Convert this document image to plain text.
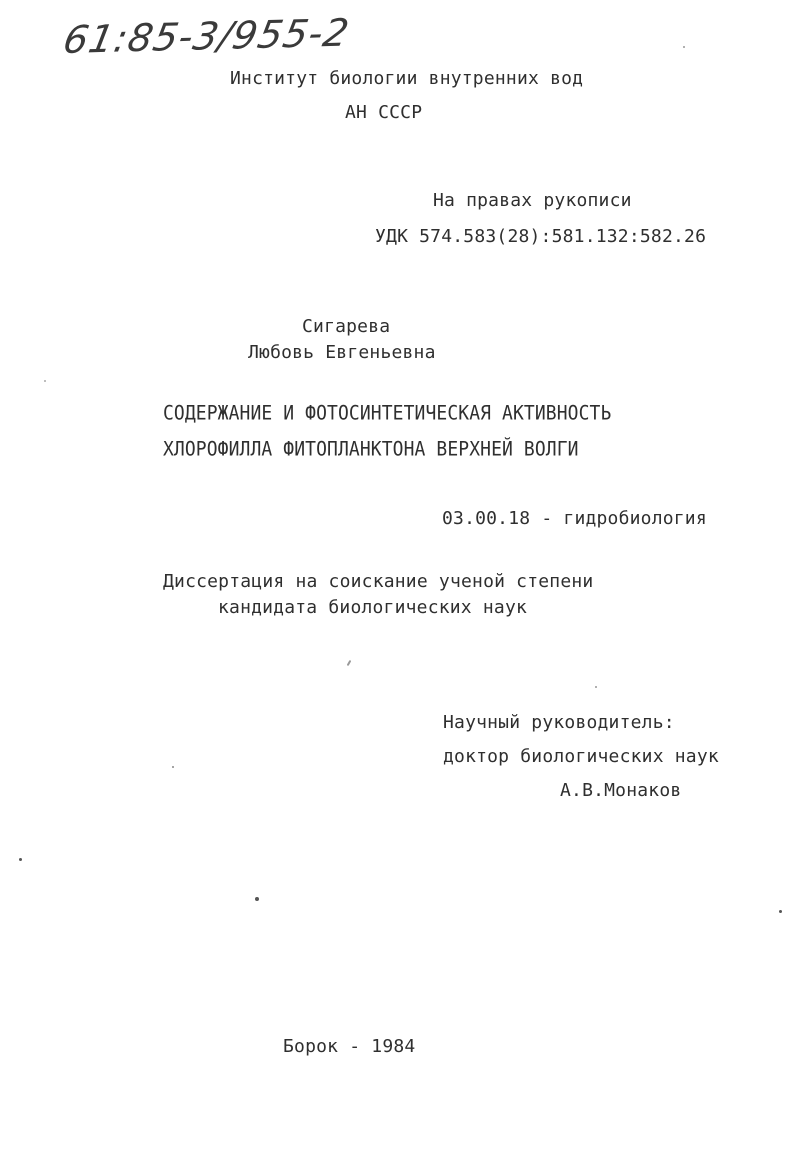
61:85-3/955-2
Институт биологии внутренних вод
АН СССР
На правах рукописи
УДК 574.583(28):581.132:582.26
Сигарева
Любовь Евгеньевна
СОДЕРЖАНИЕ И ФОТОСИНТЕТИЧЕСКАЯ АКТИВНОСТЬ
ХЛОРОФИЛЛА ФИТОПЛАНКТОНА ВЕРХНЕЙ ВОЛГИ
03.00.18 - гидробиология
Диссертация на соискание ученой степени
кандидата биологических наук
Научный руководитель:
доктор биологических наук
А.В.Монаков
Борок - 1984
